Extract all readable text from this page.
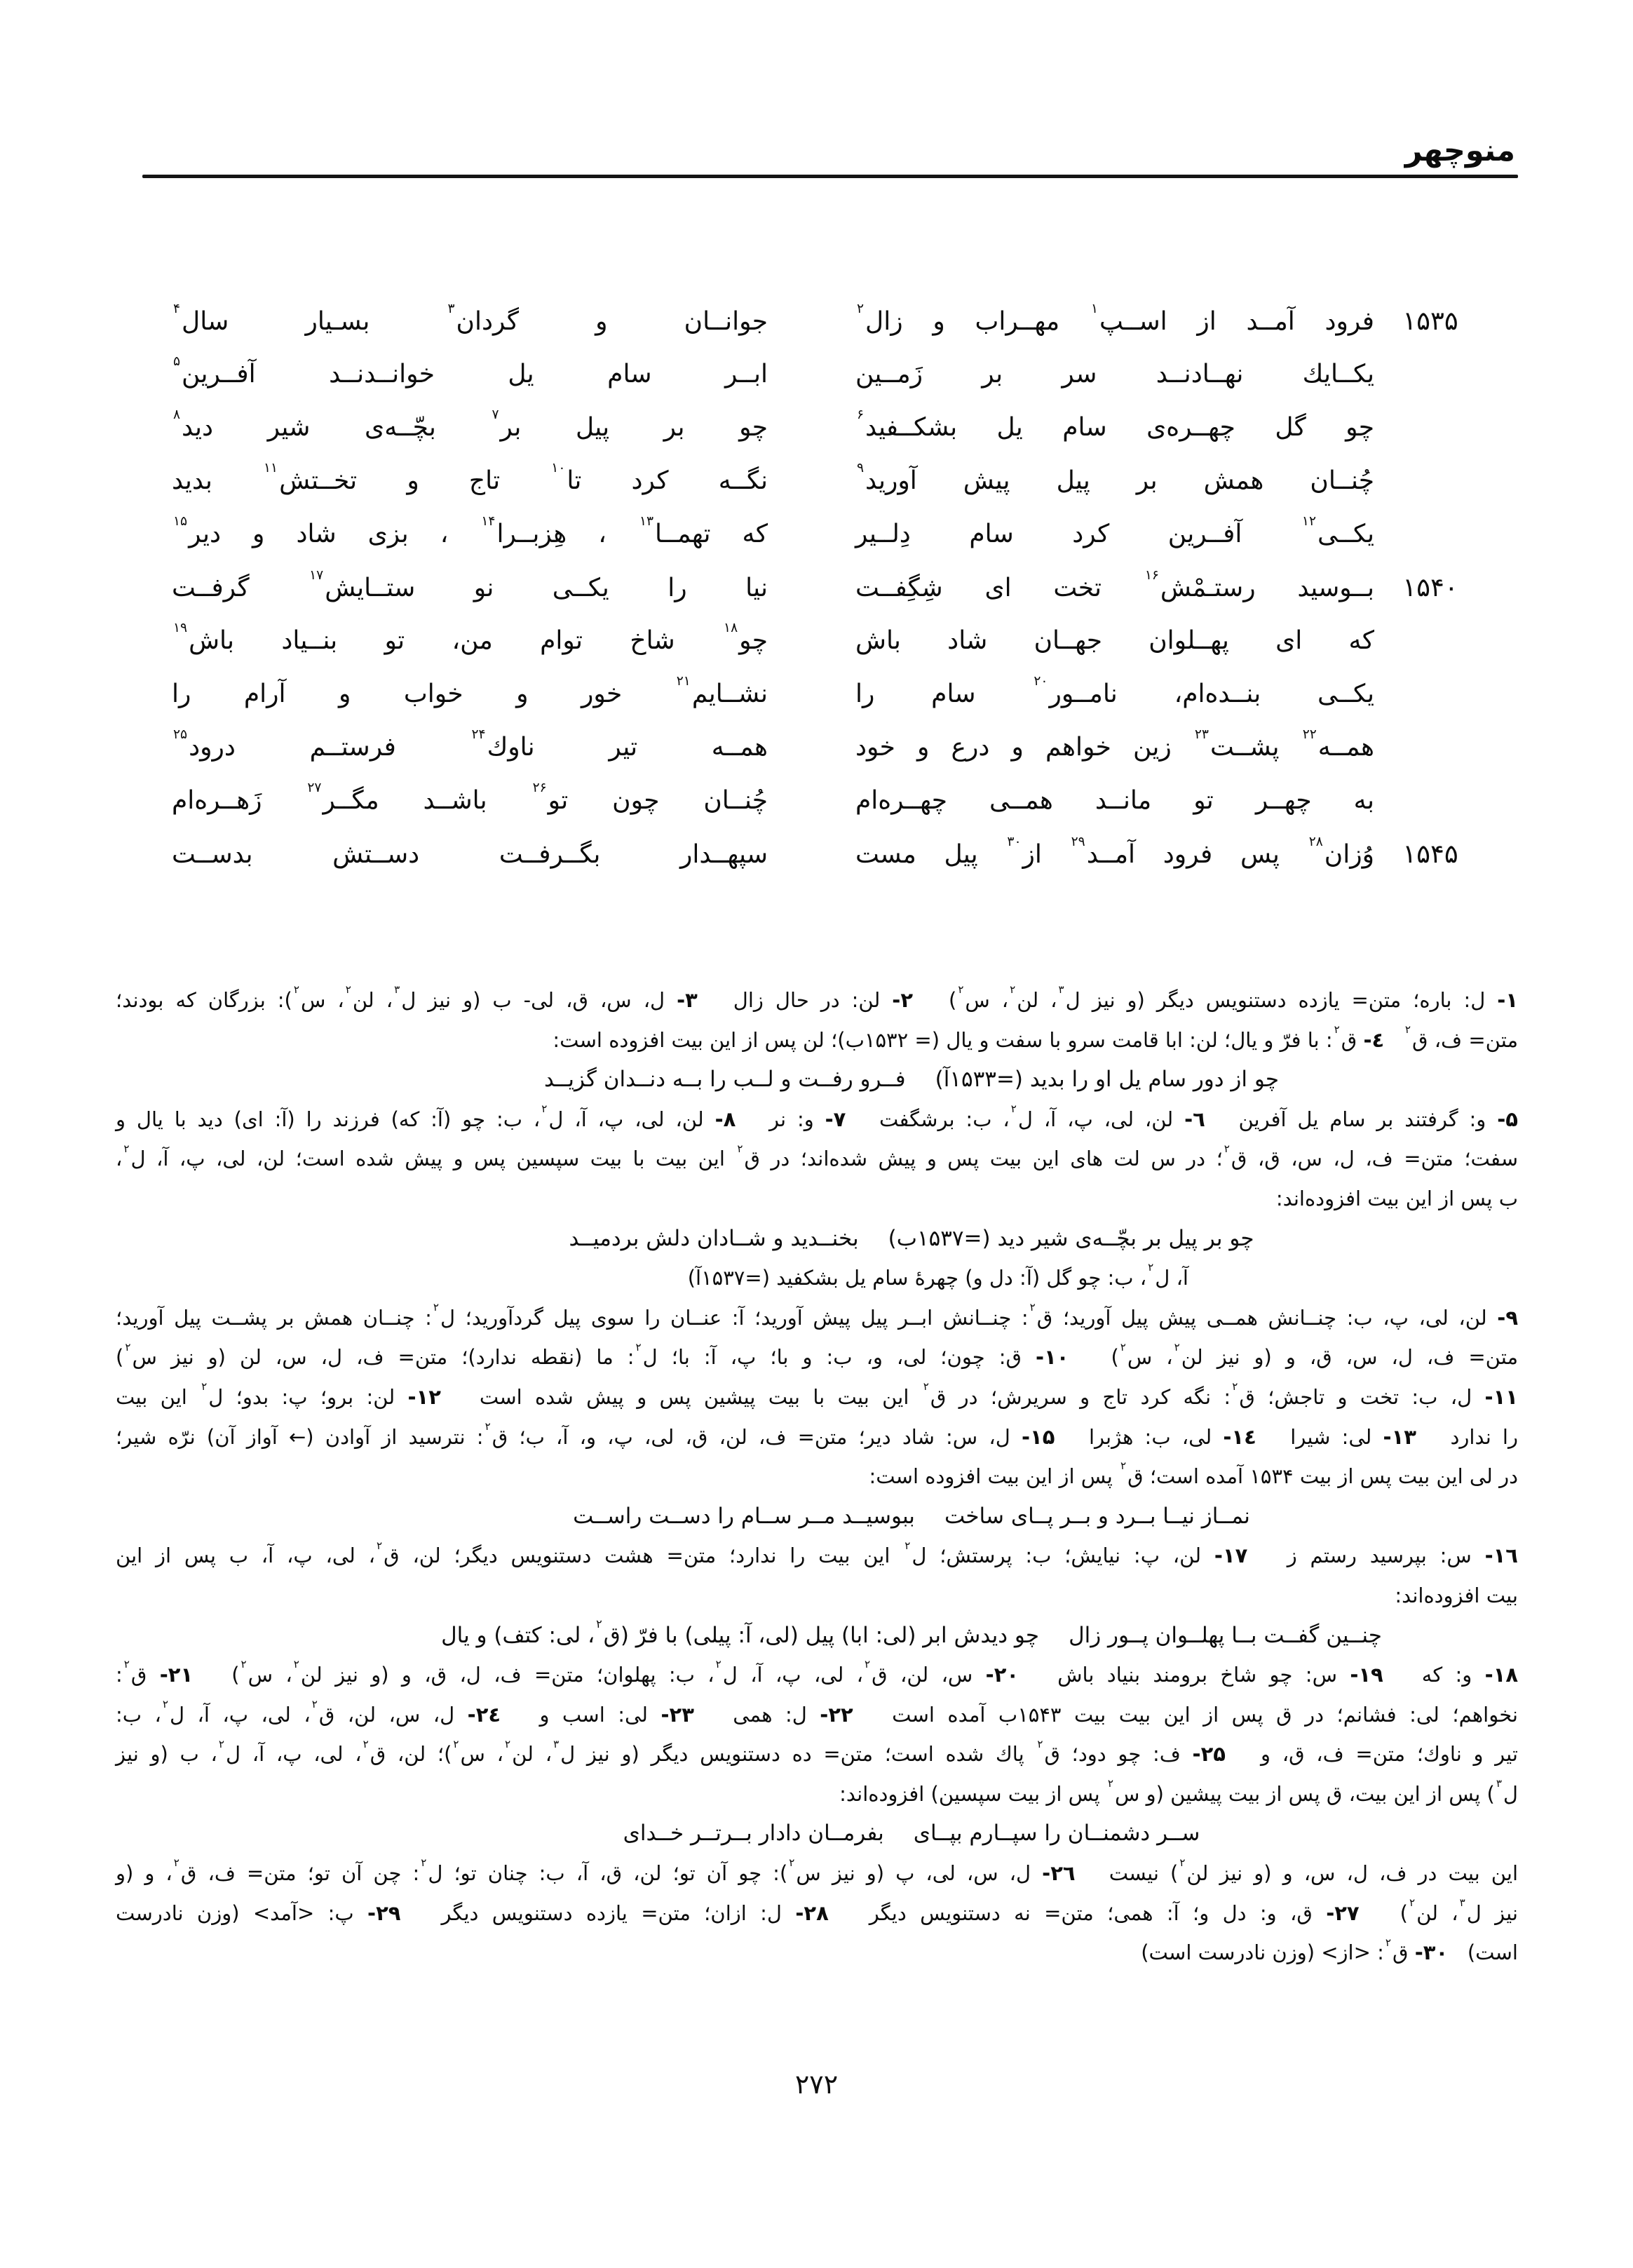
منوچهر
۱۵۳۵
فرود آمــد از اســپ$^۱$ مهــراب و زال$^۲$
جوانــان و گردان$^۳$ بسـيار سال$^۴$
يكــايك نهــادنــد سر بر زَمــين
ابــر سام يل خوانــدنــد آفــرين$^۵$
چو گل چهــره‌ی سام يل بشكــفيد$^۶$
چو بر پيل بر$^۷$ بچّــه‌ی شير ديد$^۸$
چُنــان همش بر پيل پيش آوريد$^۹$
نگــه كرد تا$^{۱۰}$ تاج و تخــتش$^{۱۱}$ بديد
يكــى$^{۱۲}$ آفــرين كرد سام دِلــير
كه تهمــا$^{۱۳}$ ، هِزبــرا$^{۱۴}$ ، بزى شاد و دير$^{۱۵}$
۱۵۴۰
بــوسيد رستـمْش$^{۱۶}$ تخت اى شِگِفــت
نيا را يكــى نو ستــايش$^{۱۷}$ گرفــت
كه اى پهــلوان جهــان شاد باش
چو$^{۱۸}$ شاخ توام من، تو بنــياد باش$^{۱۹}$
يكــى بنــده‌ام، نامــور$^{۲۰}$ سام را
نشــايم$^{۲۱}$ خور و خواب و آرام را
همــه$^{۲۲}$ پشــت$^{۲۳}$ زين خواهم و درع و خود
همــه تير ناوك$^{۲۴}$ فرستــم درود$^{۲۵}$
به چهــر تو مانــد همــى چهــره‌ام
چُنــان چون تو$^{۲۶}$ باشــد مگــر$^{۲۷}$ زَهــره‌ام
۱۵۴۵
وُزان$^{۲۸}$ پس فرود آمــد$^{۲۹}$ از$^{۳۰}$ پيل مست
سپهــدار بگــرفــت دســتش بدســت
۱- ل: باره؛ متن= يازده دستنويس ديگر (و نيز ل$^۳$، لن$^۲$، س$^۲$)   ۲- لن: در حال زال   ۳- ل، س، ق، لى- ب (و نيز ل$^۳$، لن$^۲$، س$^۲$): بزرگان كه بودند؛
متن= ف، ق$^۲$   ٤- ق$^۲$: با فرّ و يال؛ لن: ابا قامت سرو با سفت و يال (= ۱۵۳۲ب)؛ لن پس از اين بيت افزوده است:
چو از دور سام يل او را بديد (=۱۵۳۳آ)
فــرو رفــت و لــب را بــه دنــدان گزيــد
۵- و: گرفتند بر سام يل آفرين   ٦- لن، لى، پ، آ، ل$^۲$، ب: برشگفت   ۷- و: نر   ۸- لن، لى، پ، آ، ل$^۲$، ب: چو (آ: كه) فرزند را (آ: اى) ديد با يال و
سفت؛ متن= ف، ل، س، ق، ق$^۲$؛ در س لت های اين بيت پس و پيش شده‌اند؛ در ق$^۲$ اين بيت با بيت سپسين پس و پيش شده است؛ لن، لى، پ، آ، ل$^۲$،
ب پس از اين بيت افزوده‌اند:
چو بر پيل بر بچّــه‌ی شير ديد (=۱۵۳۷ب)
بخنــديد و شــادان دلش بردميــد
آ، ل$^۲$، ب: چو گل (آ: دل و) چهرهٔ سام يل بشكفيد (=۱۵۳۷آ)
۹- لن، لى، پ، ب: چنــانش همــى پيش پيل آوريد؛ ق$^۲$: چنــانش ابــر پيل پيش آوريد؛ آ: عنــان را سوى پيل گردآوريد؛ ل$^۲$: چنــان همش بر پشــت پيل آوريد؛
متن= ف، ل، س، ق، و (و نيز لن$^۲$، س$^۲$)   ۱۰- ق: چون؛ لى، و، ب: و با؛ پ، آ: با؛ ل$^۲$: ما (نقطه ندارد)؛ متن= ف، ل، س، لن (و نيز س$^۲$)
۱۱- ل، ب: تخت و تاجش؛ ق$^۲$: نگه كرد تاج و سريرش؛ در ق$^۲$ اين بيت با بيت پيشين پس و پيش شده است   ۱۲- لن: برو؛ پ: بدو؛ ل$^۲$ اين بيت
را ندارد   ۱۳- لى: شيرا   ۱٤- لى، ب: هژبرا   ۱۵- ل، س: شاد دير؛ متن= ف، لن، ق، لى، پ، و، آ، ب؛ ق$^۲$: نترسيد از آوادن (← آواز آن) نرّه شير؛
در لى اين بيت پس از بيت ۱۵۳۴ آمده است؛ ق$^۲$ پس از اين بيت افزوده است:
نمــاز نيــا بــرد و بــر پــاى ساخت
ببوسيــد مــر ســام را دســت راســت
۱٦- س: بپرسيد رستم ز   ۱۷- لن، پ: نيايش؛ ب: پرستش؛ ل$^۲$ اين بيت را ندارد؛ متن= هشت دستنويس ديگر؛ لن، ق$^۲$، لى، پ، آ، ب پس از اين
بيت افزوده‌اند:
چنــين گفــت بــا پهلــوان پــور زال
چو ديدش ابر (لى: ابا) پيل (لى، آ: پيلى) با فرّ (ق$^۲$، لى: كتف) و يال
۱۸- و: كه   ۱۹- س: چو شاخ برومند بنياد باش   ۲۰- س، لن، ق$^۲$، لى، پ، آ، ل$^۲$، ب: پهلوان؛ متن= ف، ل، ق، و (و نيز لن$^۲$، س$^۲$)   ۲۱- ق$^۲$:
نخواهم؛ لى: فشانم؛ در ق پس از اين بيت بيت ۱۵۴۳ب آمده است   ۲۲- ل: همى   ۲۳- لى: اسب و   ۲٤- ل، س، لن، ق$^۲$، لى، پ، آ، ل$^۲$، ب:
تير و ناوك؛ متن= ف، ق، و   ۲۵- ف: چو دود؛ ق$^۲$ پاك شده است؛ متن= ده دستنويس ديگر (و نيز ل$^۳$، لن$^۲$، س$^۲$)؛ لن، ق$^۲$، لى، پ، آ، ل$^۲$، ب (و نيز
ل$^۳$) پس از اين بيت، ق پس از بيت پيشين (و س$^۲$ پس از بيت سپسين) افزوده‌اند:
ســر دشمنــان را سپــارم بپــاى
بفرمــان دادار بــرتــر خــداى
اين بيت در ف، ل، س، و (و نيز لن$^۲$) نيست   ۲٦- ل، س، لى، پ (و نيز س$^۲$): چو آن تو؛ لن، ق، آ، ب: چنان تو؛ ل$^۲$: چن آن تو؛ متن= ف، ق$^۲$، و (و
نيز ل$^۳$، لن$^۲$)   ۲۷- ق، و: دل و؛ آ: همى؛ متن= نه دستنويس ديگر   ۲۸- ل: ازان؛ متن= يازده دستنويس ديگر   ۲۹- پ: <آمد> (وزن نادرست
است)   ۳۰- ق$^۲$: <از> (وزن نادرست است)
۲۷۲
